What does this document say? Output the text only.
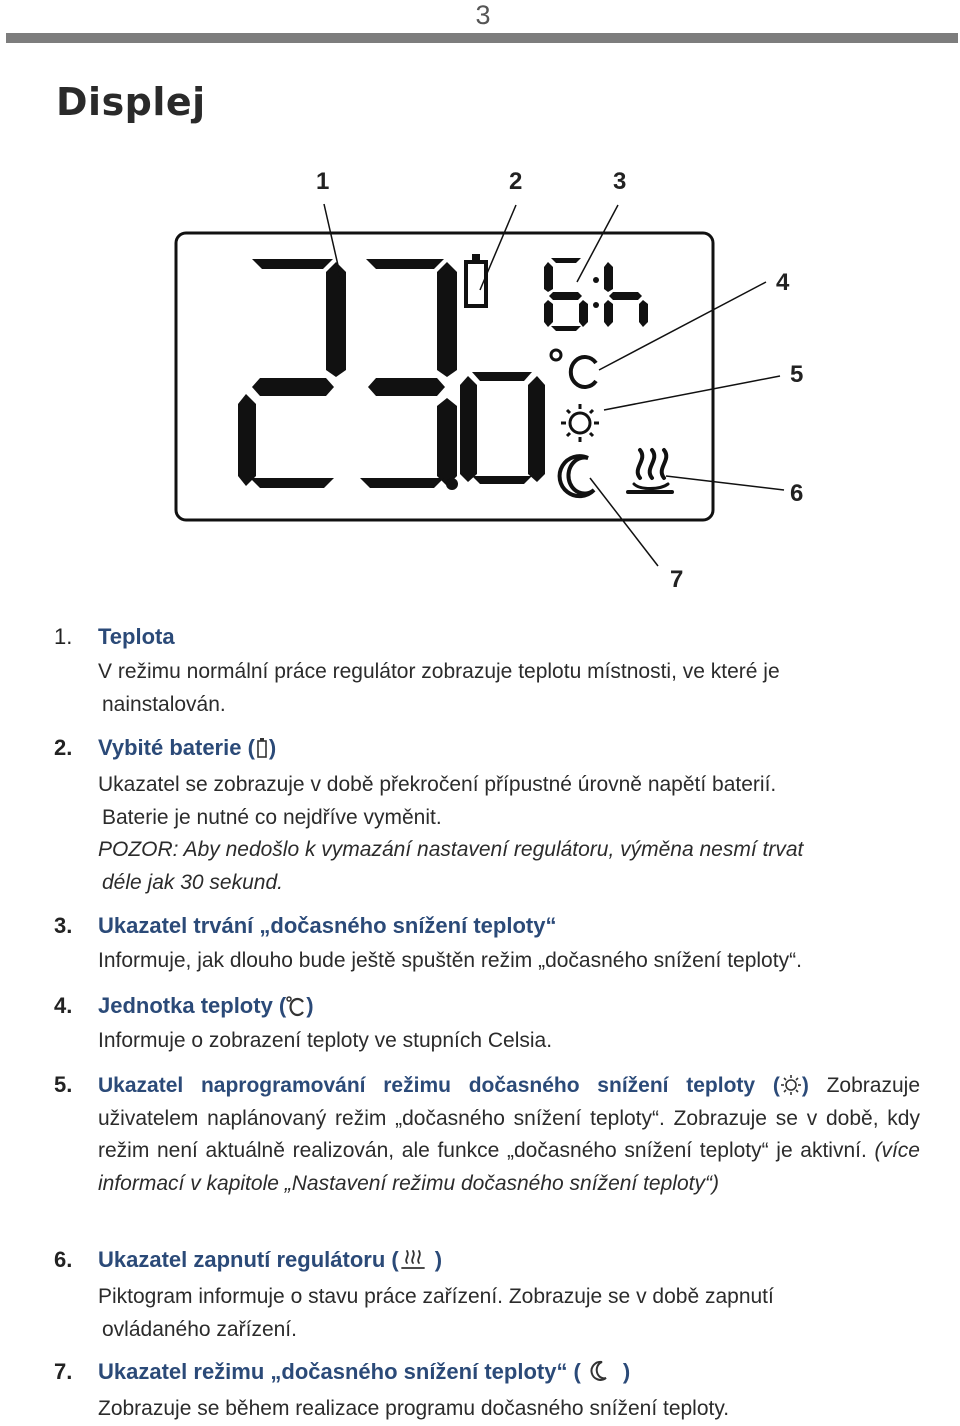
3
Displej
1	2	3
4
5
6
7
1. Teplota
V režimu normální práce regulátor zobrazuje teplotu místnosti, ve které je
nainstalován.
2. Vybité baterie ( )
Ukazatel se zobrazuje v době překročení přípustné úrovně napětí baterií.
Baterie je nutné co nejdříve vyměnit.
POZOR: Aby nedošlo k vymazání nastavení regulátoru, výměna nesmí trvat
déle jak 30 sekund.
3. Ukazatel trvání „dočasného snížení teploty“
Informuje, jak dlouho bude ještě spuštěn režim „dočasného snížení teploty“.
4. Jednotka teploty ( )
Informuje o zobrazení teploty ve stupních Celsia.
5. Ukazatel naprogramování režimu dočasného snížení teploty ( ) Zobrazuje uživatelem naplánovaný režim „dočasného snížení teploty“. Zobrazuje se v době, kdy režim není aktuálně realizován, ale funkce „dočasného snížení teploty“ je aktivní. (více informací v kapitole „Nastavení režimu dočasného snížení teploty“)
6. Ukazatel zapnutí regulátoru ( )
Piktogram informuje o stavu práce zařízení. Zobrazuje se v době zapnutí
ovládaného zařízení.
7. Ukazatel režimu „dočasného snížení teploty“ ( )
Zobrazuje se během realizace programu dočasného snížení teploty.
